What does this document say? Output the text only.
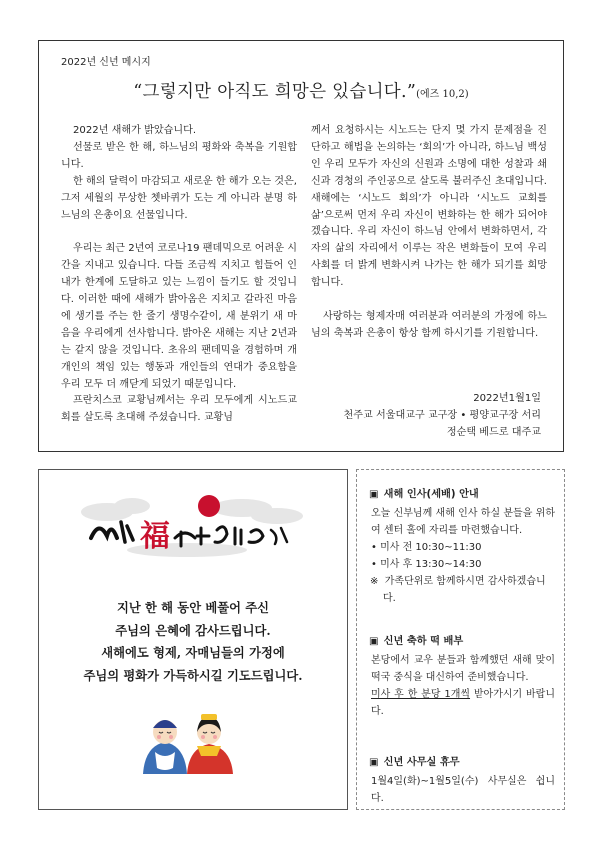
2022년 신년 메시지
“그렇지만 아직도 희망은 있습니다.”(에즈 10,2)

2022년 새해가 밝았습니다.

선물로 받은 한 해, 하느님의 평화와 축복을 기원합니다.

한 해의 달력이 마감되고 새로운 한 해가 오는 것은, 그저 세월의 무상한 쳇바퀴가 도는 게 아니라 분명 하느님의 은총이요 선물입니다.

우리는 최근 2년여 코로나19 팬데믹으로 어려운 시간을 지내고 있습니다. 다들 조금씩 지치고 힘들어 인내가 한계에 도달하고 있는 느낌이 들기도 할 것입니다. 이러한 때에 새해가 밝아옴은 지치고 갈라진 마음에 생기를 주는 한 줄기 생명수같이, 새 분위기 새 마음을 우리에게 선사합니다. 밝아온 새해는 지난 2년과는 같지 않을 것입니다. 초유의 팬데믹을 경험하며 개개인의 책임 있는 행동과 개인들의 연대가 중요함을 우리 모두 더 깨닫게 되었기 때문입니다.

프란치스코 교황님께서는 우리 모두에게 시노드교회를 살도록 초대해 주셨습니다. 교황님

께서 요청하시는 시노드는 단지 몇 가지 문제점을 진단하고 해법을 논의하는 ‘회의’가 아니라, 하느님 백성인 우리 모두가 자신의 신원과 소명에 대한 성찰과 쇄신과 경청의 주인공으로 살도록 불러주신 초대입니다. 새해에는 ‘시노드 회의’가 아니라 ‘시노드 교회를 삶’으로써 먼저 우리 자신이 변화하는 한 해가 되어야겠습니다. 우리 자신이 하느님 안에서 변화하면서, 각자의 삶의 자리에서 이루는 작은 변화들이 모여 우리 사회를 더 밝게 변화시켜 나가는 한 해가 되기를 희망합니다.

사랑하는 형제자매 여러분과 여러분의 가정에 하느님의 축복과 은총이 항상 함께 하시기를 기원합니다.

2022년1월1일
천주교 서울대교구 교구장 • 평양교구장 서리
정순택 베드로 대주교
福
지난 한 해 동안 베풀어 주신
주님의 은혜에 감사드립니다.
새해에도 형제, 자매님들의 가정에
주님의 평화가 가득하시길 기도드립니다.
▣ 새해 인사(세배) 안내
오늘 신부님께 새해 인사 하실 분들을 위하여 센터 홀에 자리를 마련했습니다.
• 미사 전 10:30~11:30
• 미사 후 13:30~14:30
※ 가족단위로 함께하시면 감사하겠습니다.
▣ 신년 축하 떡 배부
본당에서 교우 분들과 함께했던 새해 맞이 떡국 중식을 대신하여 준비했습니다.
미사 후 한 분당 1개씩 받아가시기 바랍니다.
▣ 신년 사무실 휴무
1월4일(화)~1월5일(수) 사무실은 쉽니다.
